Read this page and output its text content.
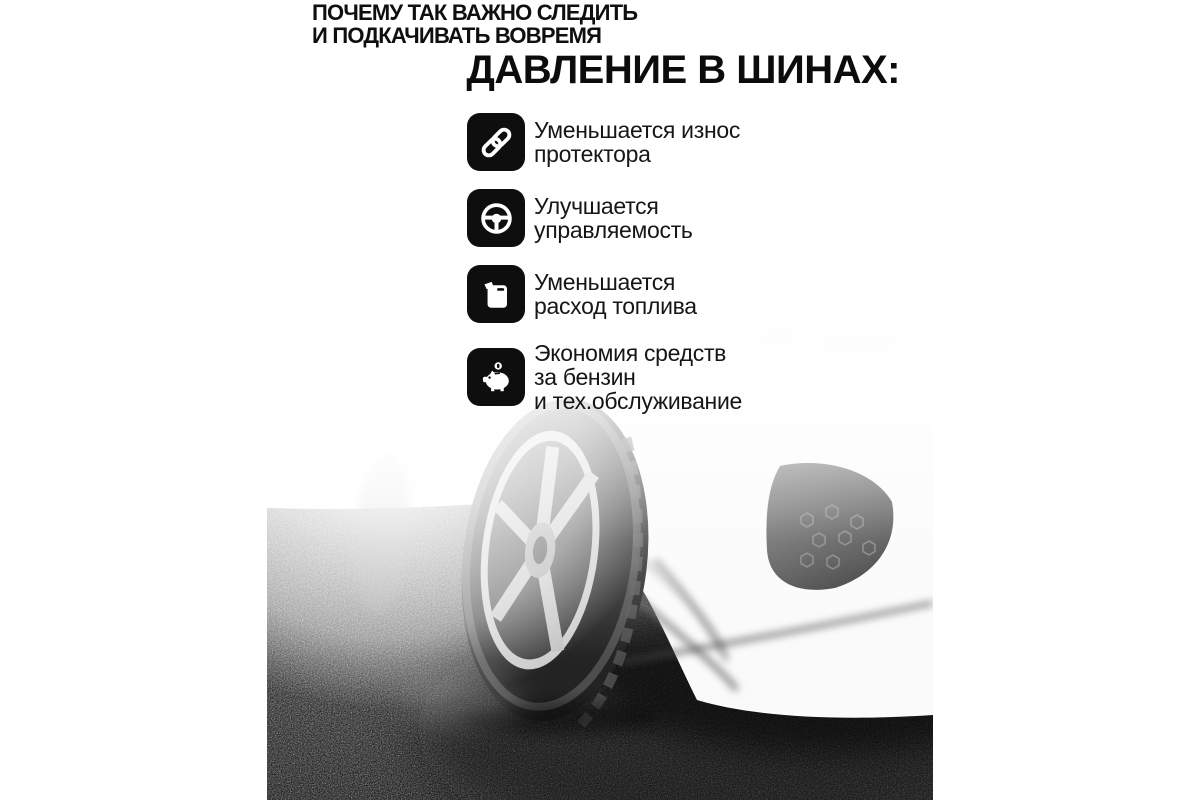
ПОЧЕМУ ТАК ВАЖНО СЛЕДИТЬ
И ПОДКАЧИВАТЬ ВОВРЕМЯ
ДАВЛЕНИЕ В ШИНАХ:
Уменьшается износ
протектора
Улучшается
управляемость
Уменьшается
расход топлива
Экономия средств
за бензин
и тех.обслуживание
